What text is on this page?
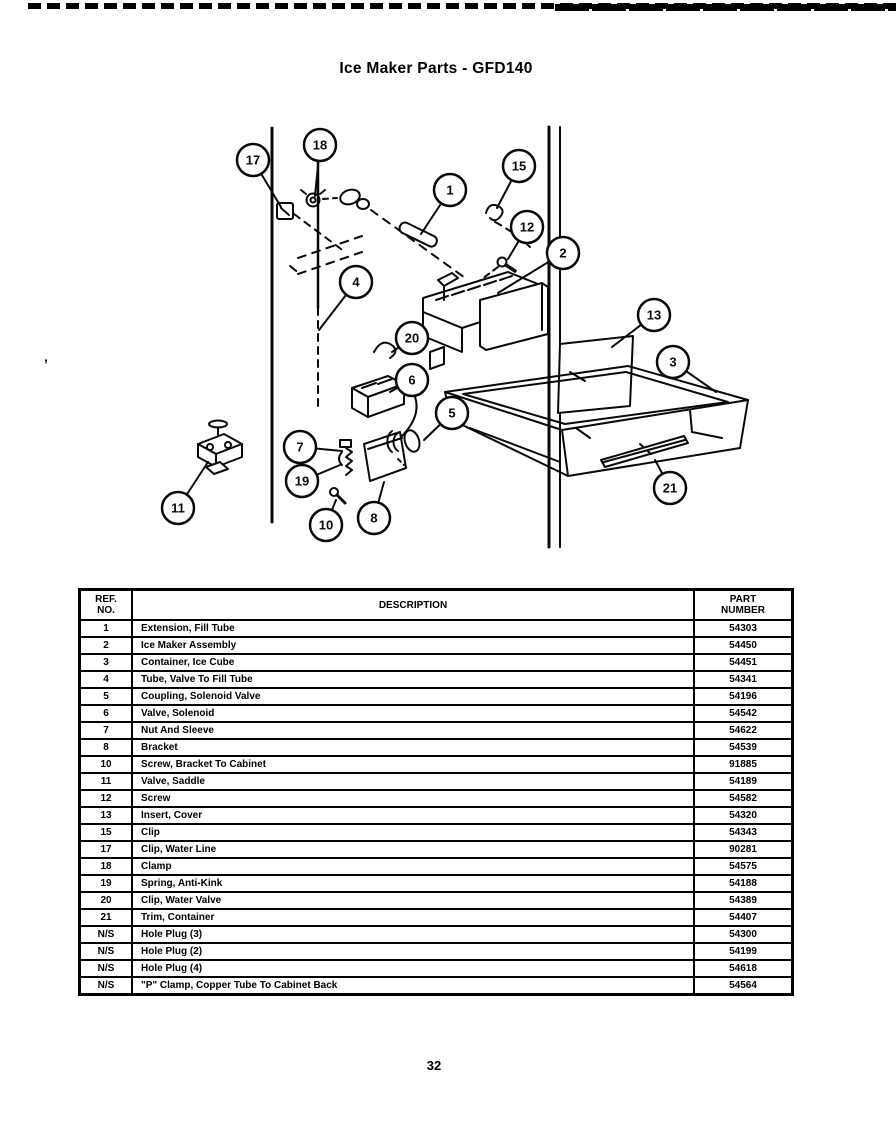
’
Ice Maker Parts - GFD140
17
18
1
15
12
2
4
20
13
3
6
5
7
19
10	8
11
21
REF.
NO.	DESCRIPTION	PART
NUMBER
1	Extension, Fill Tube	54303
2	Ice Maker Assembly	54450
3	Container, Ice Cube	54451
4	Tube, Valve To Fill Tube	54341
5	Coupling, Solenoid Valve	54196
6	Valve, Solenoid	54542
7	Nut And Sleeve	54622
8	Bracket	54539
10	Screw, Bracket To Cabinet	91885
11	Valve, Saddle	54189
12	Screw	54582
13	Insert, Cover	54320
15	Clip	54343
17	Clip, Water Line	90281
18	Clamp	54575
19	Spring, Anti-Kink	54188
20	Clip, Water Valve	54389
21	Trim, Container	54407
N/S	Hole Plug (3)	54300
N/S	Hole Plug (2)	54199
N/S	Hole Plug (4)	54618
N/S	"P" Clamp, Copper Tube To Cabinet Back	54564
32
